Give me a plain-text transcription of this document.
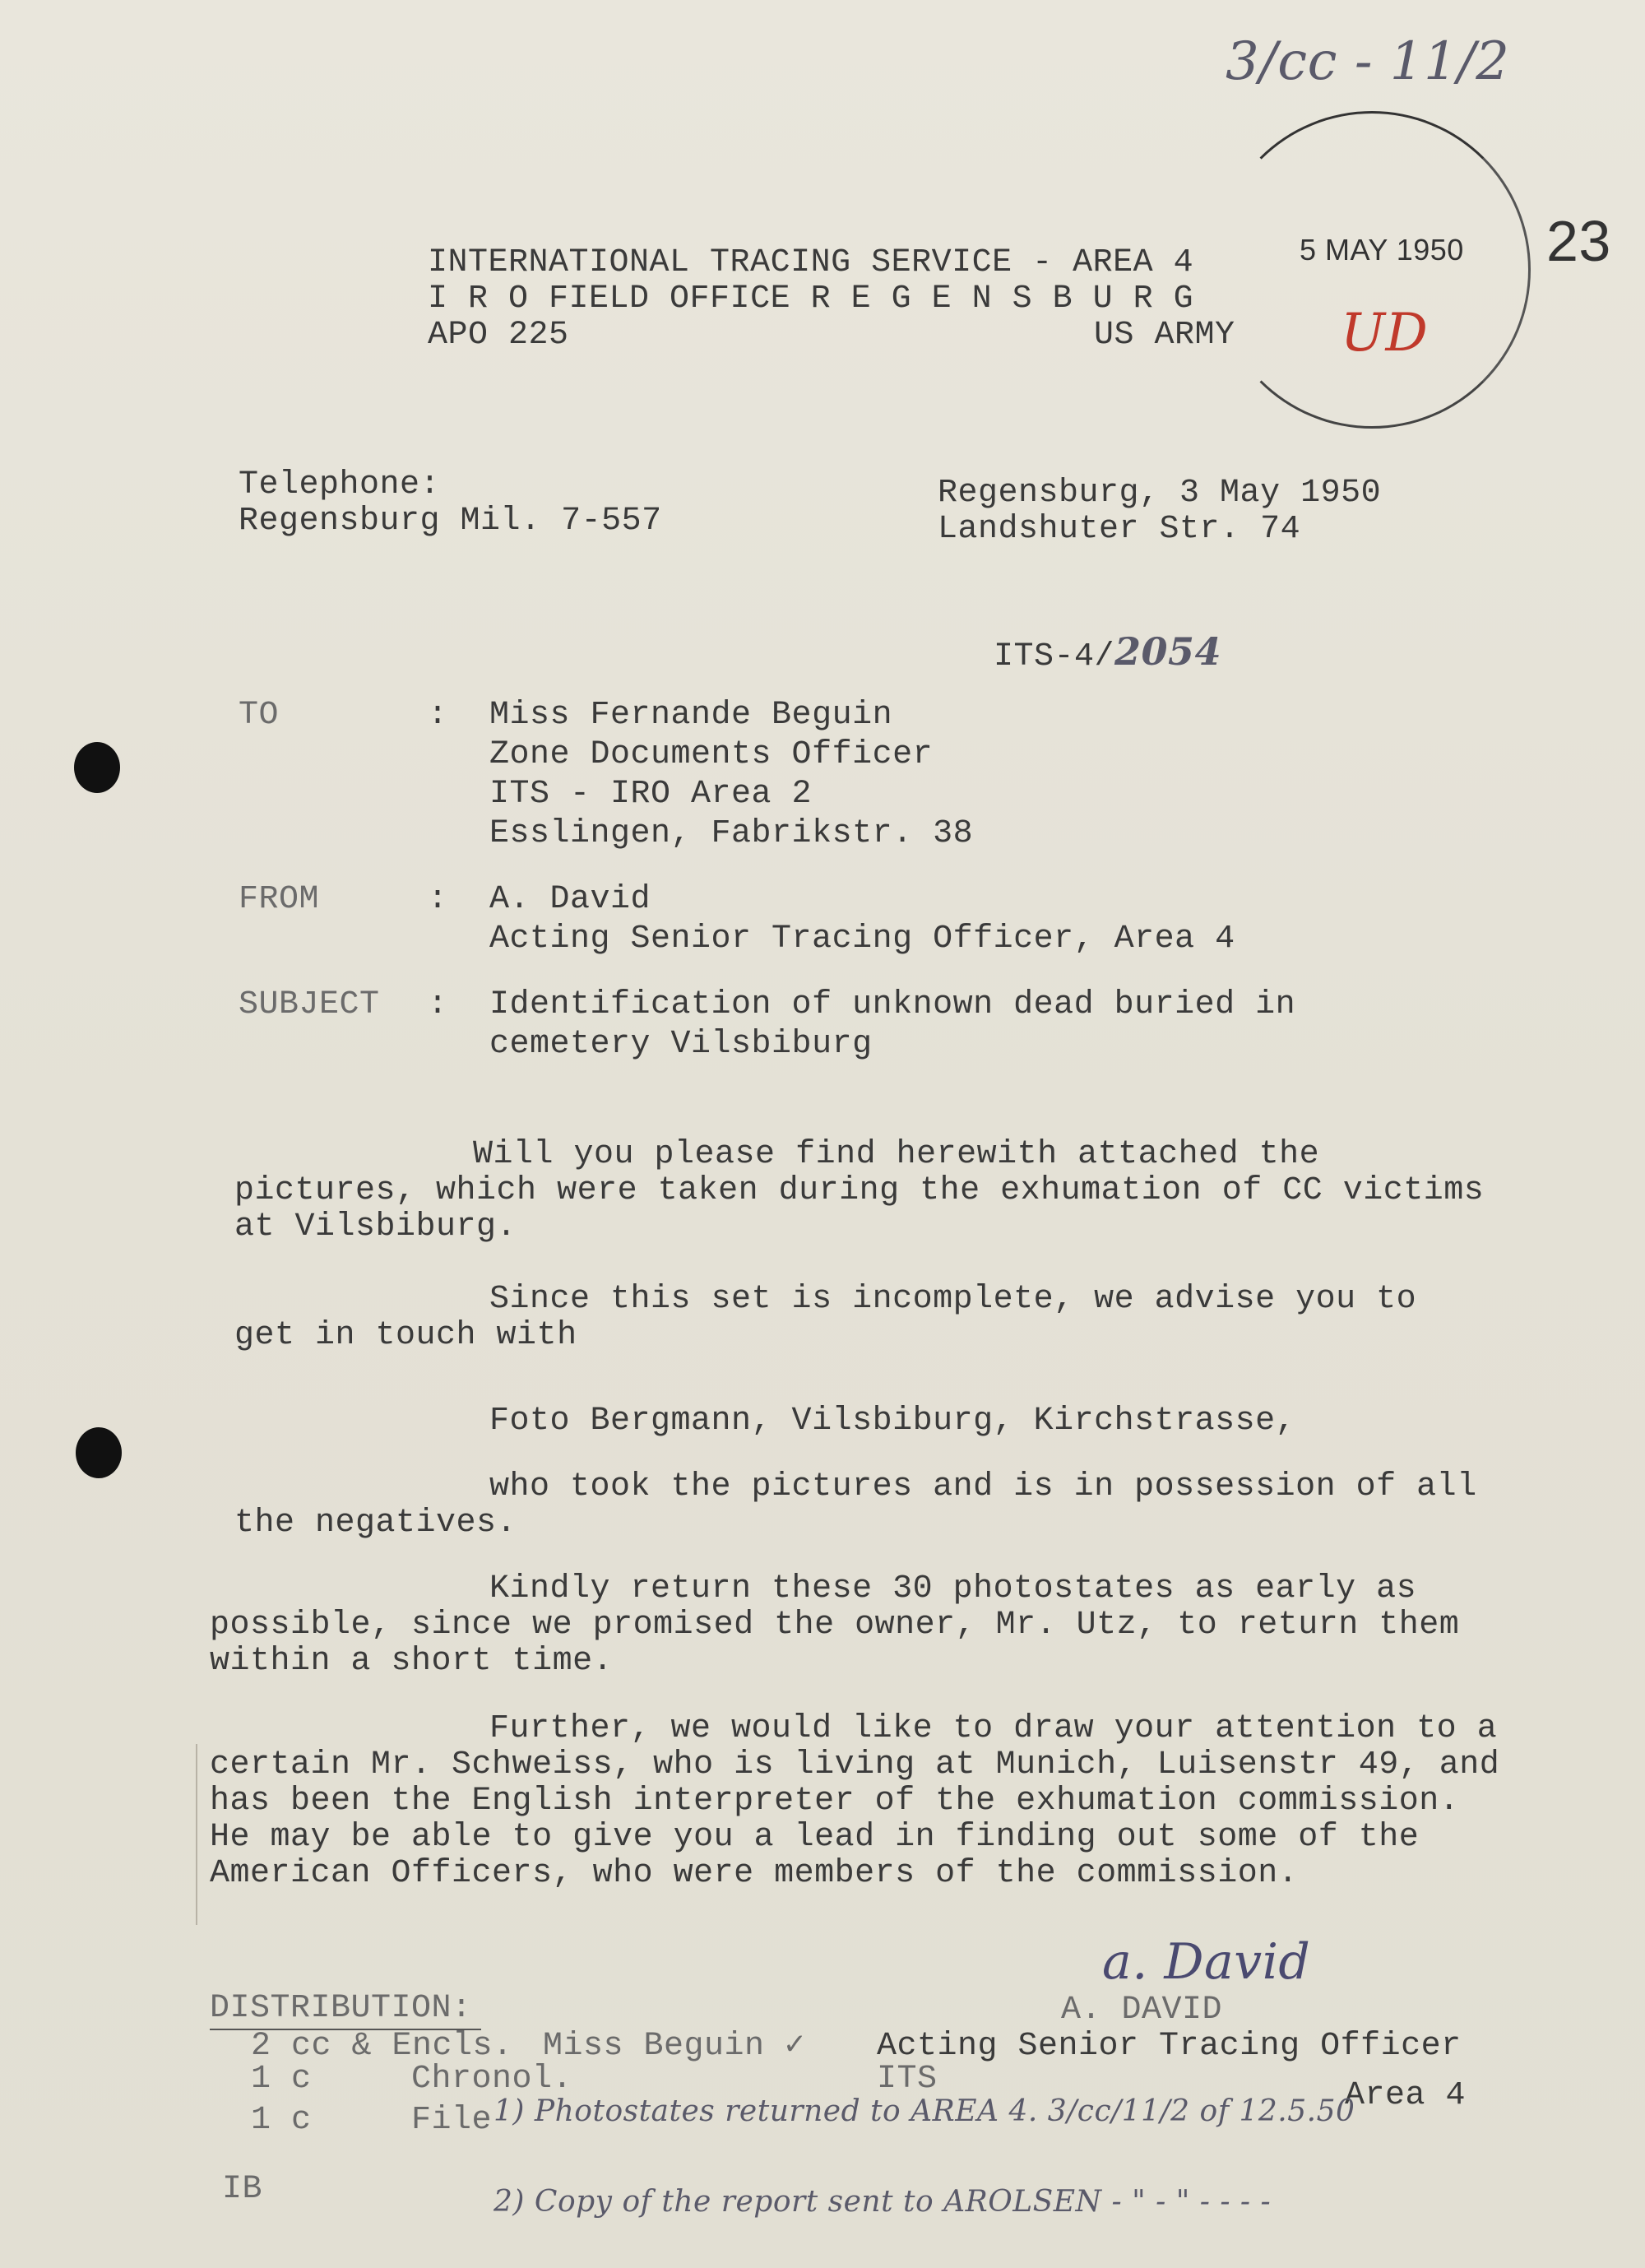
3/cc - 11/2
23
5 MAY 1950
UD
INTERNATIONAL TRACING SERVICE - AREA 4
I R O FIELD OFFICE R E G E N S B U R G
APO 225	US ARMY
Telephone:
Regensburg Mil. 7-557
Regensburg, 3 May 1950
Landshuter Str. 74

ITS-4/2054

TO	: Miss Fernande Beguin
Zone Documents Officer
ITS - IRO Area 2
Esslingen, Fabrikstr. 38
FROM	: A. David
Acting Senior Tracing Officer, Area 4
SUBJECT : Identification of unknown dead buried in
cemetery Vilsbiburg
Will you please find herewith attached the
pictures, which were taken during the exhumation of CC victims
at Vilsbiburg.
Since this set is incomplete, we advise you to
get in touch with
Foto Bergmann, Vilsbiburg, Kirchstrasse,
who took the pictures and is in possession of all
the negatives.
Kindly return these 30 photostates as early as
possible, since we promised the owner, Mr. Utz, to return them
within a short time.
Further, we would like to draw your attention to a
certain Mr. Schweiss, who is living at Munich, Luisenstr 49, and
has been the English interpreter of the exhumation commission.
He may be able to give you a lead in finding out some of the
American Officers, who were members of the commission.
a. David
A. DAVID
Acting Senior Tracing Officer
ITS	Area 4
DISTRIBUTION:
2 cc & Encls. Miss Beguin ✓
1 c	Chronol.
1 c	File
IB
1) Photostates returned to AREA 4. 3/cc/11/2 of 12.5.50
2) Copy of the report sent to AROLSEN - " - " - - - -
